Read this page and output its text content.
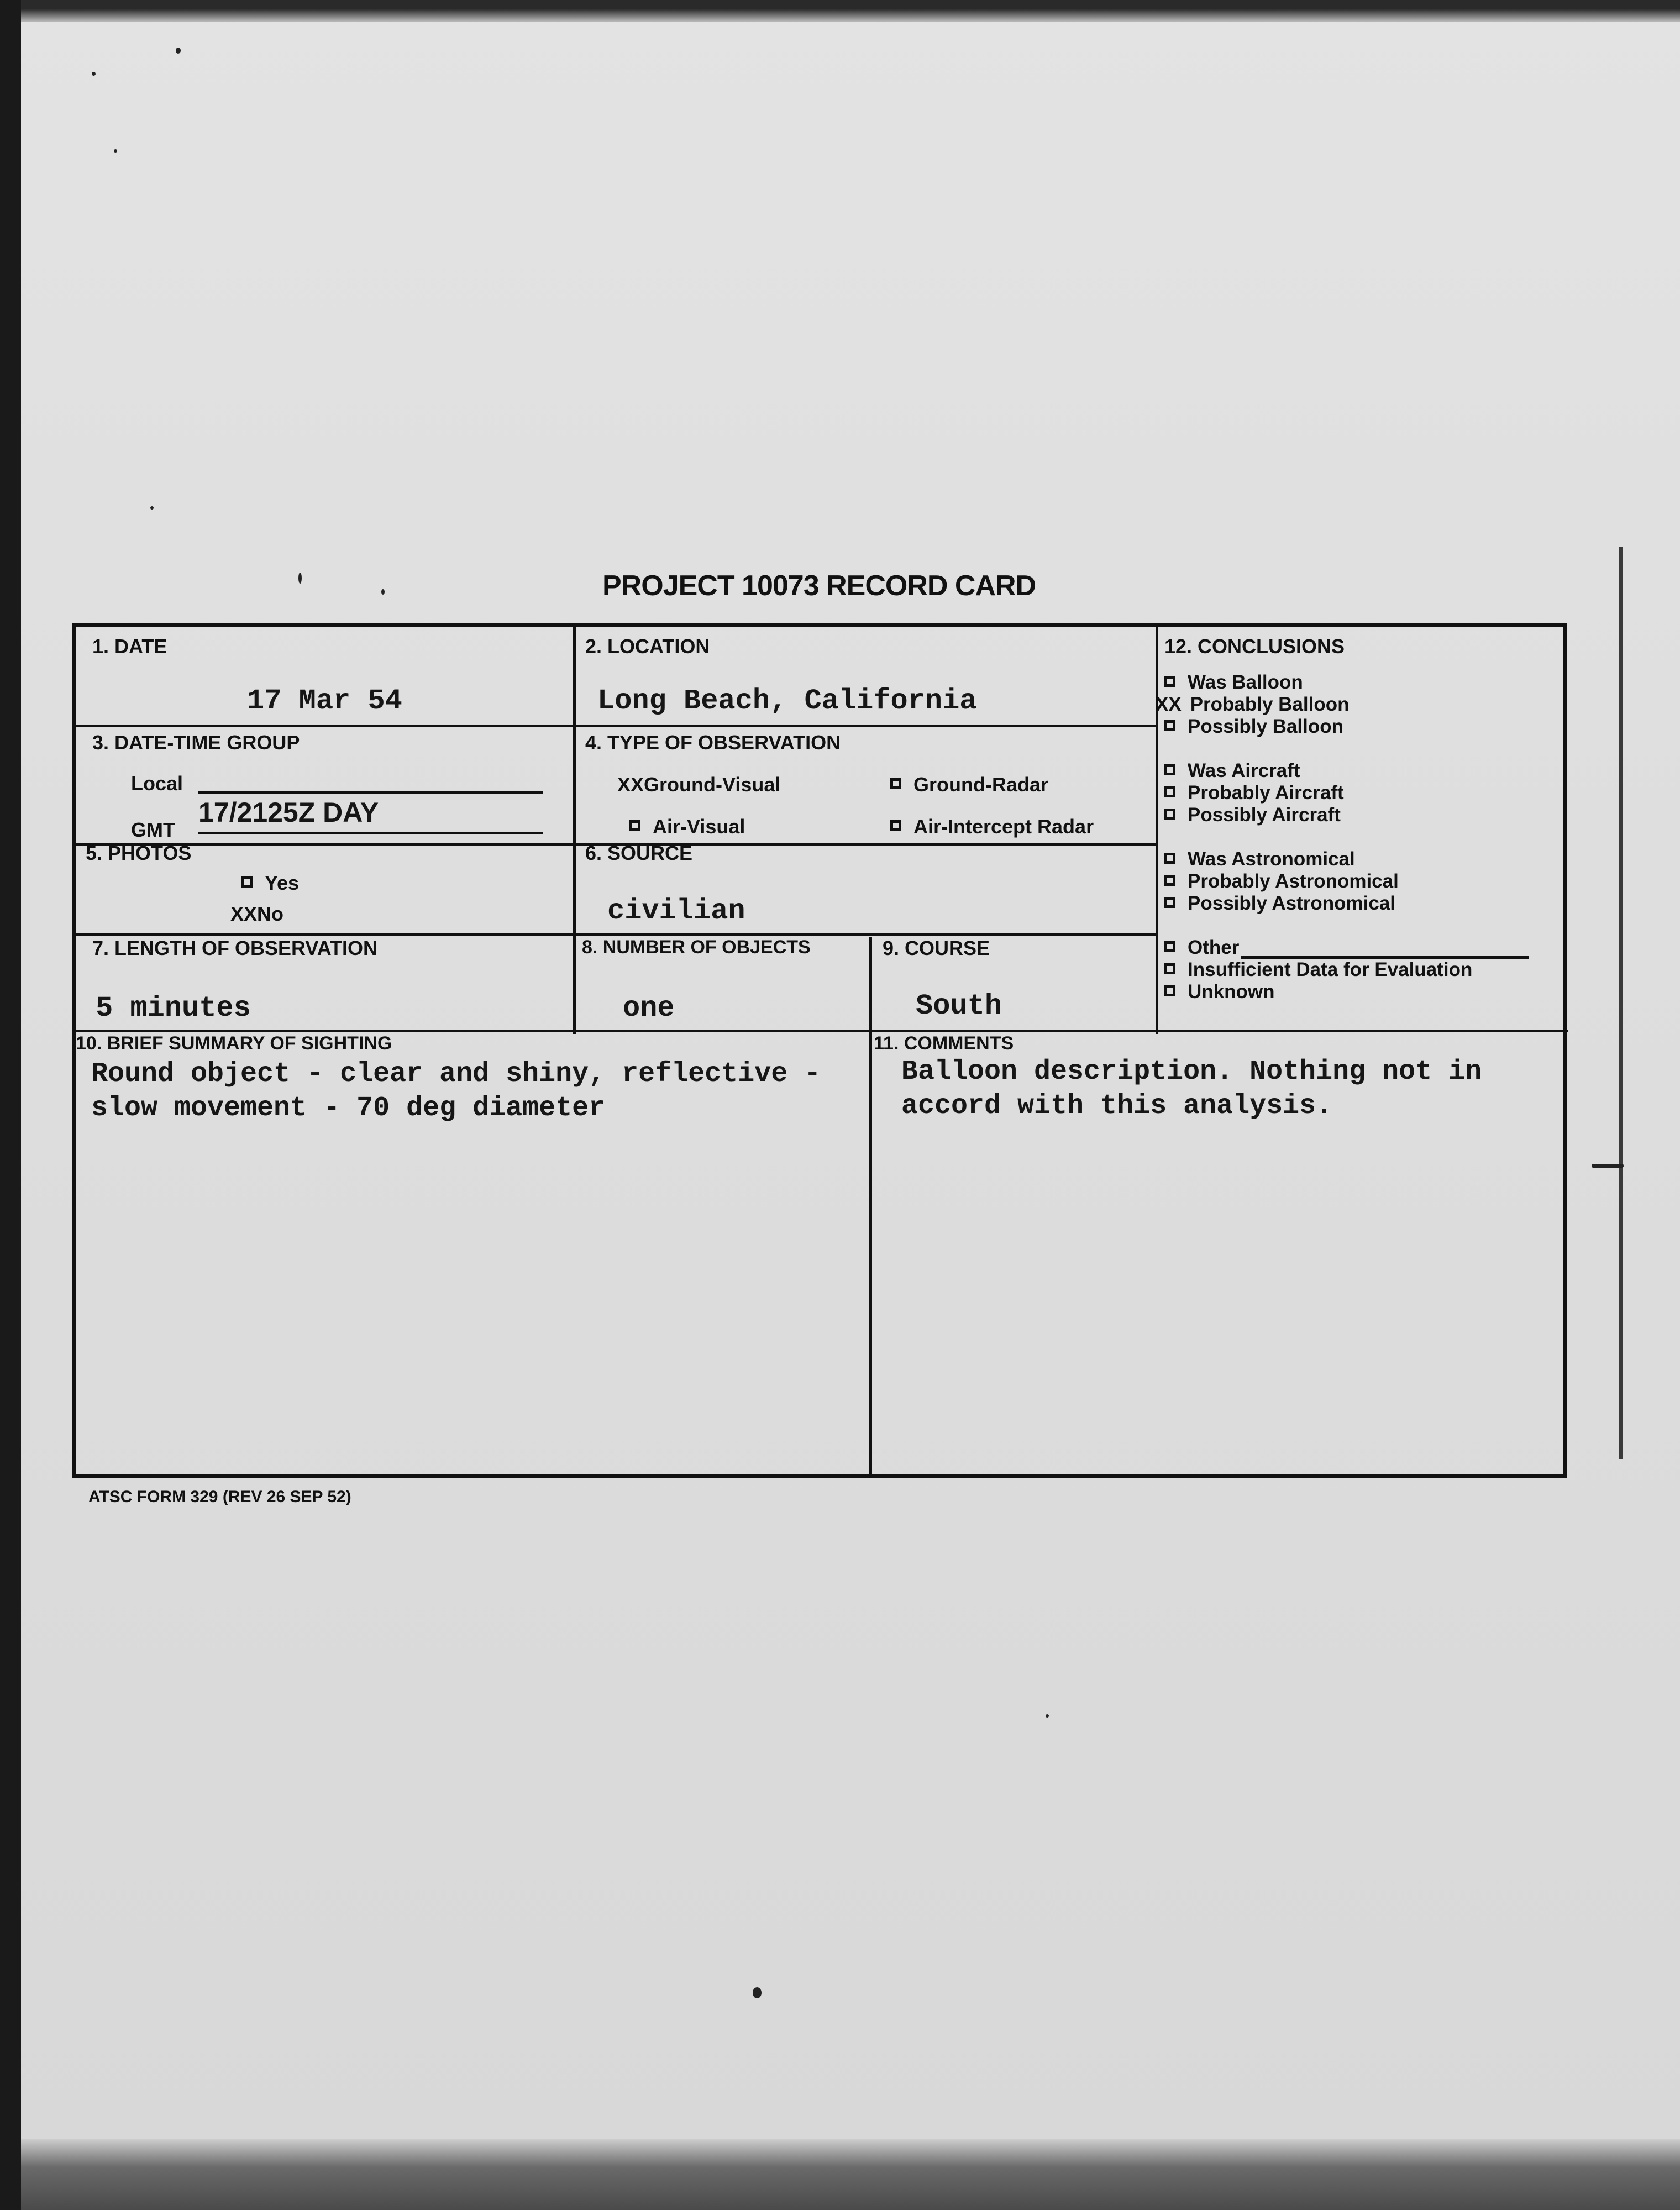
PROJECT 10073 RECORD CARD
1. DATE
17 Mar 54
2. LOCATION
Long Beach, California
3. DATE-TIME GROUP
Local
GMT
17/2125Z DAY
4. TYPE OF OBSERVATION
XXGround-Visual	Ground-Radar
Air-Visual	Air-Intercept Radar
5. PHOTOS
Yes
XXNo
6. SOURCE
civilian
7. LENGTH OF OBSERVATION
5 minutes
8. NUMBER OF OBJECTS
one
9. COURSE
South
12. CONCLUSIONS
Was Balloon
XX Probably Balloon
Possibly Balloon
Was Aircraft
Probably Aircraft
Possibly Aircraft
Was Astronomical
Probably Astronomical
Possibly Astronomical
Other
Insufficient Data for Evaluation
Unknown
10. BRIEF SUMMARY OF SIGHTING
Round object - clear and shiny, reflective -
slow movement - 70 deg diameter
11. COMMENTS
Balloon description. Nothing not in
accord with this analysis.
ATSC FORM 329 (REV 26 SEP 52)
